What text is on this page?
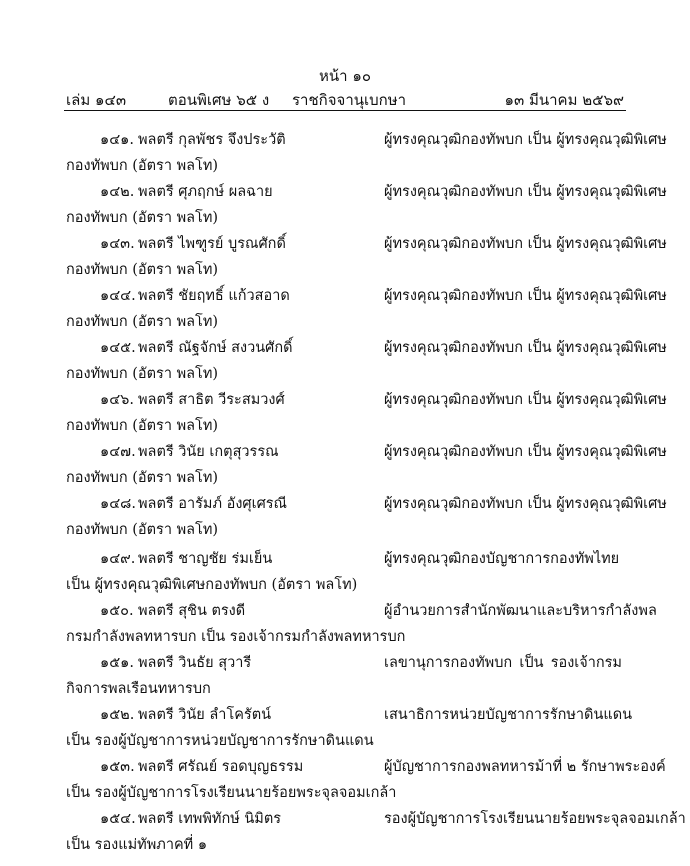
หน้า ๑๐
เล่ม ๑๔๓	ตอนพิเศษ ๖๕ ง ราชกิจจานุเบกษา	๑๓ มีนาคม ๒๕๖๙
๑๔๑. พลตรี กุลพัชร จึงประวัติ	ผู้ทรงคุณวุฒิกองทัพบก เป็น ผู้ทรงคุณวุฒิพิเศษ
กองทัพบก (อัตรา พลโท)
๑๔๒. พลตรี ศุภฤกษ์ ผลฉาย	ผู้ทรงคุณวุฒิกองทัพบก เป็น ผู้ทรงคุณวุฒิพิเศษ
กองทัพบก (อัตรา พลโท)
๑๔๓. พลตรี ไพฑูรย์ บูรณศักดิ์	ผู้ทรงคุณวุฒิกองทัพบก เป็น ผู้ทรงคุณวุฒิพิเศษ
กองทัพบก (อัตรา พลโท)
๑๔๔. พลตรี ชัยฤทธิ์ แก้วสอาด	ผู้ทรงคุณวุฒิกองทัพบก เป็น ผู้ทรงคุณวุฒิพิเศษ
กองทัพบก (อัตรา พลโท)
๑๔๕. พลตรี ณัฐจักษ์ สงวนศักดิ์	ผู้ทรงคุณวุฒิกองทัพบก เป็น ผู้ทรงคุณวุฒิพิเศษ
กองทัพบก (อัตรา พลโท)
๑๔๖. พลตรี สาธิต วีระสมวงศ์	ผู้ทรงคุณวุฒิกองทัพบก เป็น ผู้ทรงคุณวุฒิพิเศษ
กองทัพบก (อัตรา พลโท)
๑๔๗. พลตรี วินัย เกตุสุวรรณ	ผู้ทรงคุณวุฒิกองทัพบก เป็น ผู้ทรงคุณวุฒิพิเศษ
กองทัพบก (อัตรา พลโท)
๑๔๘. พลตรี อารัมภ์ อังศุเศรณี	ผู้ทรงคุณวุฒิกองทัพบก เป็น ผู้ทรงคุณวุฒิพิเศษ
กองทัพบก (อัตรา พลโท)
๑๔๙. พลตรี ชาญชัย ร่มเย็น	ผู้ทรงคุณวุฒิกองบัญชาการกองทัพไทย
เป็น ผู้ทรงคุณวุฒิพิเศษกองทัพบก (อัตรา พลโท)
๑๕๐. พลตรี สุชิน ตรงดี	ผู้อำนวยการสำนักพัฒนาและบริหารกำลังพล
กรมกำลังพลทหารบก เป็น รองเจ้ากรมกำลังพลทหารบก
๑๕๑. พลตรี วินธัย สุวารี	เลขานุการกองทัพบก เป็น รองเจ้ากรม
กิจการพลเรือนทหารบก
๑๕๒. พลตรี วินัย ลำโครัตน์	เสนาธิการหน่วยบัญชาการรักษาดินแดน
เป็น รองผู้บัญชาการหน่วยบัญชาการรักษาดินแดน
๑๕๓. พลตรี ศรัณย์ รอดบุญธรรม	ผู้บัญชาการกองพลทหารม้าที่ ๒ รักษาพระองค์
เป็น รองผู้บัญชาการโรงเรียนนายร้อยพระจุลจอมเกล้า
๑๕๔. พลตรี เทพพิทักษ์ นิมิตร	รองผู้บัญชาการโรงเรียนนายร้อยพระจุลจอมเกล้า
เป็น รองแม่ทัพภาคที่ ๑
